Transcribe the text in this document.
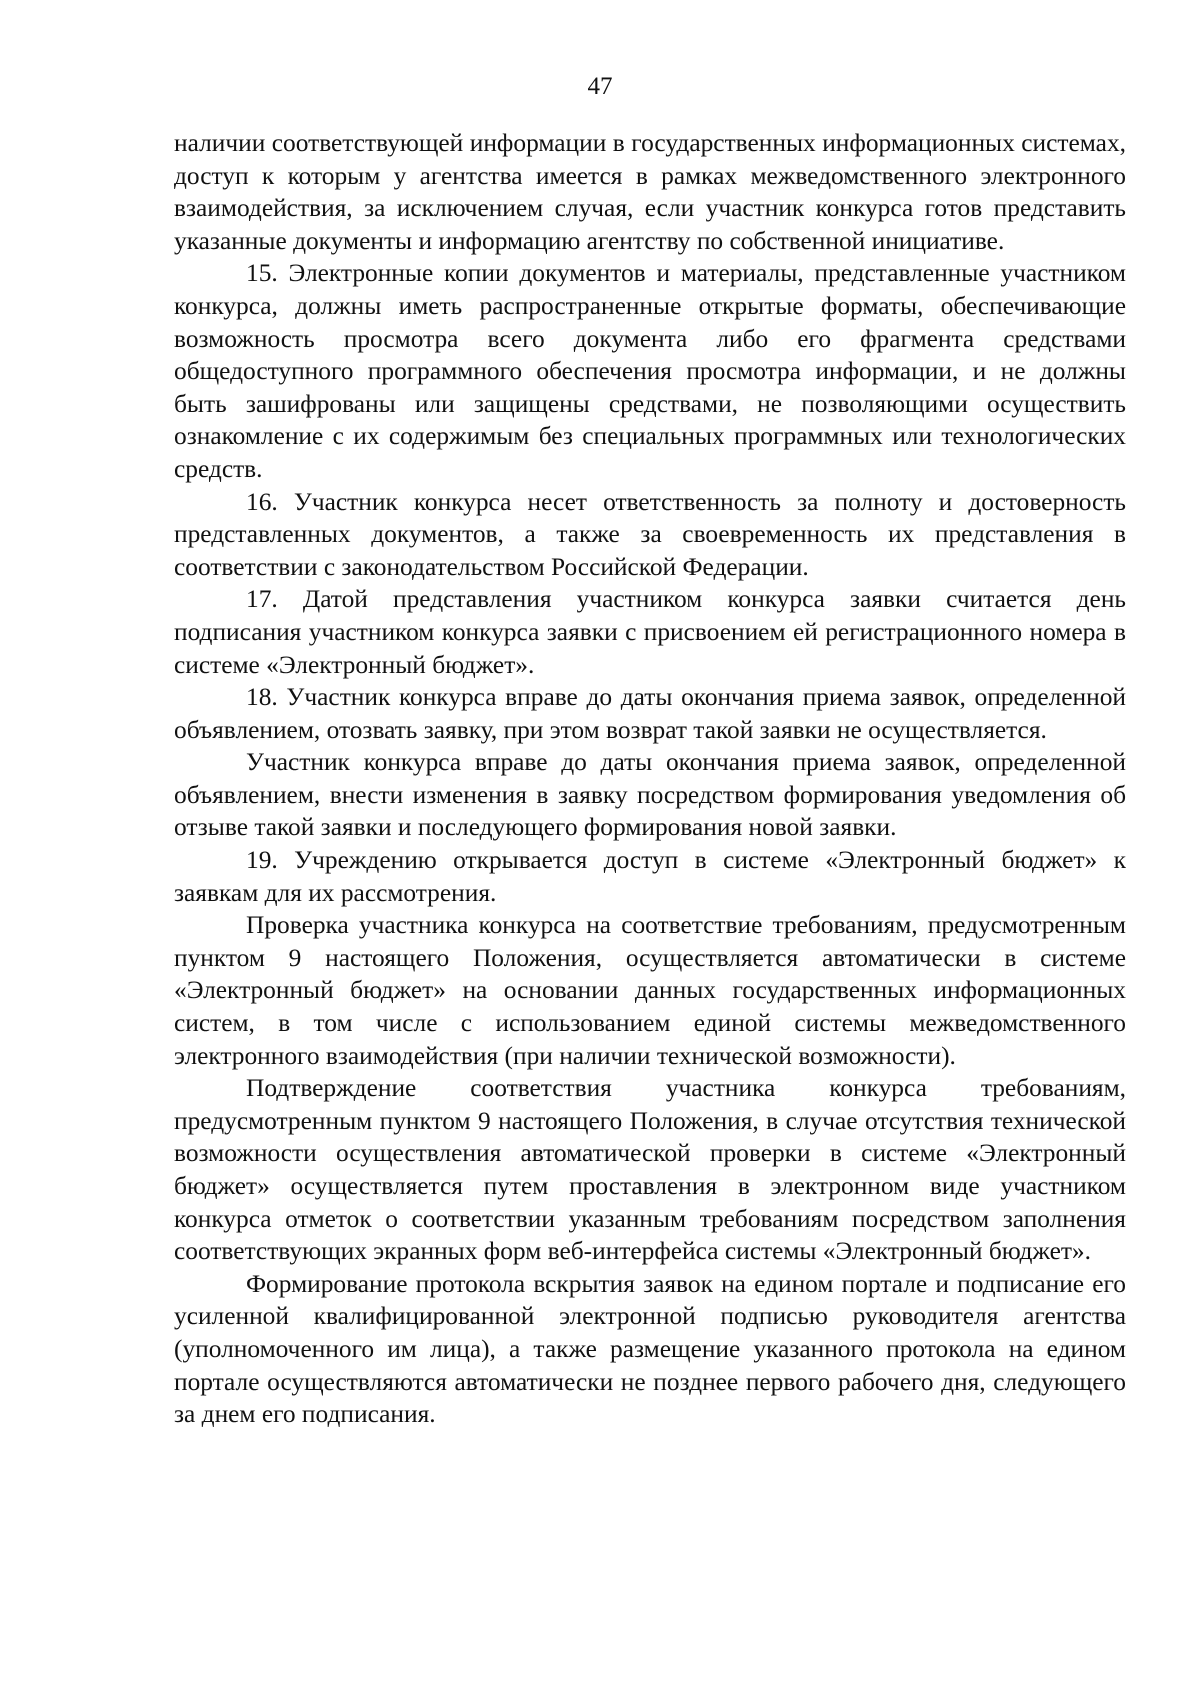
47

наличии соответствующей информации в государственных информационных системах, доступ к которым у агентства имеется в рамках межведомственного электронного взаимодействия, за исключением случая, если участник конкурса готов представить указанные документы и информацию агентству по собственной инициативе.

15. Электронные копии документов и материалы, представленные участником конкурса, должны иметь распространенные открытые форматы, обеспечивающие возможность просмотра всего документа либо его фрагмента средствами общедоступного программного обеспечения просмотра информации, и не должны быть зашифрованы или защищены средствами, не позволяющими осуществить ознакомление с их содержимым без специальных программных или технологических средств.

16. Участник конкурса несет ответственность за полноту и достоверность представленных документов, а также за своевременность их представления в соответствии с законодательством Российской Федерации.

17. Датой представления участником конкурса заявки считается день подписания участником конкурса заявки с присвоением ей регистрационного номера в системе «Электронный бюджет».

18. Участник конкурса вправе до даты окончания приема заявок, определенной объявлением, отозвать заявку, при этом возврат такой заявки не осуществляется.

Участник конкурса вправе до даты окончания приема заявок, определенной объявлением, внести изменения в заявку посредством формирования уведомления об отзыве такой заявки и последующего формирования новой заявки.

19. Учреждению открывается доступ в системе «Электронный бюджет» к заявкам для их рассмотрения.

Проверка участника конкурса на соответствие требованиям, предусмотренным пунктом 9 настоящего Положения, осуществляется автоматически в системе «Электронный бюджет» на основании данных государственных информационных систем, в том числе с использованием единой системы межведомственного электронного взаимодействия (при наличии технической возможности).

Подтверждение соответствия участника конкурса требованиям, предусмотренным пунктом 9 настоящего Положения, в случае отсутствия технической возможности осуществления автоматической проверки в системе «Электронный бюджет» осуществляется путем проставления в электронном виде участником конкурса отметок о соответствии указанным требованиям посредством заполнения соответствующих экранных форм веб-интерфейса системы «Электронный бюджет».

Формирование протокола вскрытия заявок на едином портале и подписание его усиленной квалифицированной электронной подписью руководителя агентства (уполномоченного им лица), а также размещение указанного протокола на едином портале осуществляются автоматически не позднее первого рабочего дня, следующего за днем его подписания.
